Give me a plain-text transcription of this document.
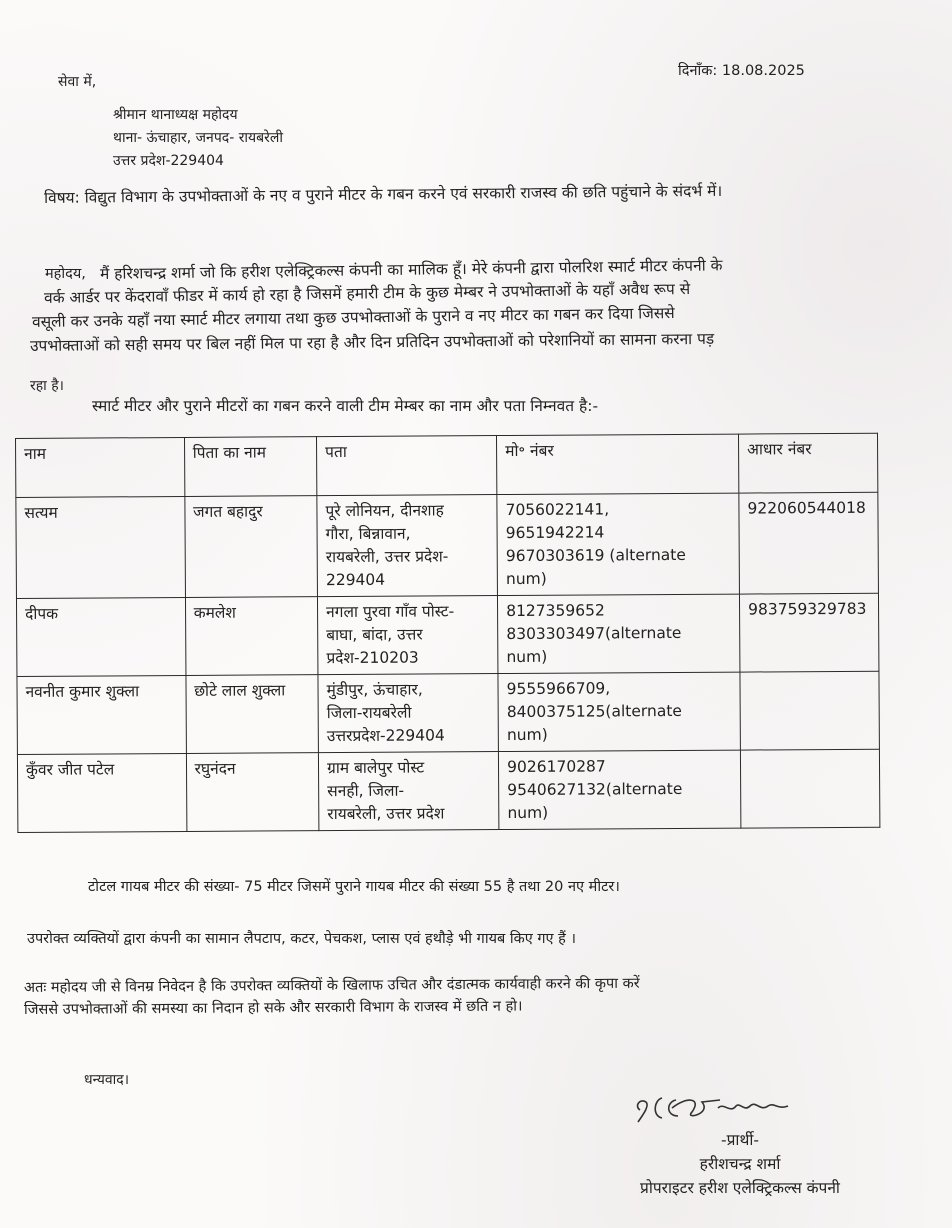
दिनाँक: 18.08.2025
सेवा में,
श्रीमान थानाध्यक्ष महोदय
थाना- ऊंचाहार, जनपद- रायबरेली
उत्तर प्रदेश-229404
विषय: विद्युत विभाग के उपभोक्ताओं के नए व पुराने मीटर के गबन करने एवं सरकारी राजस्व की छति पहुंचाने के संदर्भ में।
महोदय, मैं हरिशचन्द्र शर्मा जो कि हरीश एलेक्ट्रिकल्स कंपनी का मालिक हूँ। मेरे कंपनी द्वारा पोलरिश स्मार्ट मीटर कंपनी के
वर्क आर्डर पर केंदरावाँ फीडर में कार्य हो रहा है जिसमें हमारी टीम के कुछ मेम्बर ने उपभोक्ताओं के यहाँ अवैध रूप से
वसूली कर उनके यहाँ नया स्मार्ट मीटर लगाया तथा कुछ उपभोक्ताओं के पुराने व नए मीटर का गबन कर दिया जिससे
उपभोक्ताओं को सही समय पर बिल नहीं मिल पा रहा है और दिन प्रतिदिन उपभोक्ताओं को परेशानियों का सामना करना पड़
रहा है।
स्मार्ट मीटर और पुराने मीटरों का गबन करने वाली टीम मेम्बर का नाम और पता निम्नवत है:-
नाम	पिता का नाम	पता	मो॰ नंबर	आधार नंबर
सत्यम	जगत बहादुर	पूरे लोनियन, दीनशाह
गौरा, बिन्नावान,
रायबरेली, उत्तर प्रदेश-
229404	7056022141,
9651942214
9670303619 (alternate
num)	922060544018
दीपक	कमलेश	नगला पुरवा गाँव पोस्ट-
बाघा, बांदा, उत्तर
प्रदेश-210203	8127359652
8303303497(alternate
num)	983759329783
नवनीत कुमार शुक्ला	छोटे लाल शुक्ला	मुंडीपुर, ऊंचाहार,
जिला-रायबरेली
उत्तरप्रदेश-229404	9555966709,
8400375125(alternate
num)	

कुँवर जीत पटेल	रघुनंदन	ग्राम बालेपुर पोस्ट
सनही, जिला-
रायबरेली, उत्तर प्रदेश	9026170287
9540627132(alternate
num)	

टोटल गायब मीटर की संख्या- 75 मीटर जिसमें पुराने गायब मीटर की संख्या 55 है तथा 20 नए मीटर।
उपरोक्त व्यक्तियों द्वारा कंपनी का सामान लैपटाप, कटर, पेचकश, प्लास एवं हथौड़े भी गायब किए गए हैं ।
अतः महोदय जी से विनम्र निवेदन है कि उपरोक्त व्यक्तियों के खिलाफ उचित और दंडात्मक कार्यवाही करने की कृपा करें
जिससे उपभोक्ताओं की समस्या का निदान हो सके और सरकारी विभाग के राजस्व में छति न हो।
धन्यवाद।
-प्रार्थी-
हरीशचन्द्र शर्मा
प्रोपराइटर हरीश एलेक्ट्रिकल्स कंपनी
